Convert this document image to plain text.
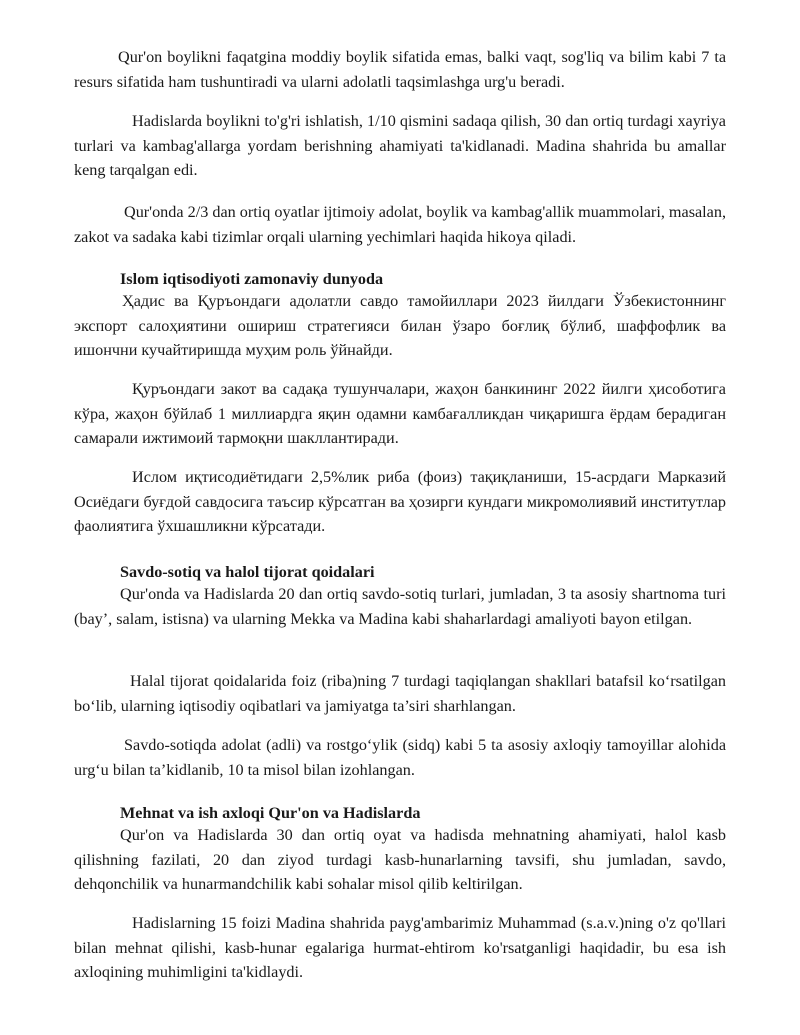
Qur'on boylikni faqatgina moddiy boylik sifatida emas, balki vaqt, sog'liq va bilim kabi 7 ta resurs sifatida ham tushuntiradi va ularni adolatli taqsimlashga urg'u beradi.

Hadislarda boylikni to'g'ri ishlatish, 1/10 qismini sadaqa qilish, 30 dan ortiq turdagi xayriya turlari va kambag'allarga yordam berishning ahamiyati ta'kidlanadi. Madina shahrida bu amallar keng tarqalgan edi.

Qur'onda 2/3 dan ortiq oyatlar ijtimoiy adolat, boylik va kambag'allik muammolari, masalan, zakot va sadaka kabi tizimlar orqali ularning yechimlari haqida hikoya qiladi.

Islom iqtisodiyoti zamonaviy dunyoda

Ҳадис ва Қуръондаги адолатли савдо тамойиллари 2023 йилдаги Ўзбекистоннинг экспорт салоҳиятини ошириш стратегияси билан ўзаро боғлиқ бўлиб, шаффофлик ва ишончни кучайтиришда муҳим роль ўйнайди.

Қуръондаги закот ва садақа тушунчалари, жаҳон банкининг 2022 йилги ҳисоботига кўра, жаҳон бўйлаб 1 миллиардга яқин одамни камбағалликдан чиқаришга ёрдам берадиган самарали ижтимоий тармоқни шакллантиради.

Ислом иқтисодиётидаги 2,5%лик риба (фоиз) тақиқланиши, 15-асрдаги Марказий Осиёдаги буғдой савдосига таъсир кўрсатган ва ҳозирги кундаги микромолиявий институтлар фаолиятига ўхшашликни кўрсатади.

Savdo-sotiq va halol tijorat qoidalari

Qur'onda va Hadislarda 20 dan ortiq savdo-sotiq turlari, jumladan, 3 ta asosiy shartnoma turi (bay’, salam, istisna) va ularning Mekka va Madina kabi shaharlardagi amaliyoti bayon etilgan.

Halal tijorat qoidalarida foiz (riba)ning 7 turdagi taqiqlangan shakllari batafsil ko‘rsatilgan bo‘lib, ularning iqtisodiy oqibatlari va jamiyatga ta’siri sharhlangan.

Savdo-sotiqda adolat (adli) va rostgo‘ylik (sidq) kabi 5 ta asosiy axloqiy tamoyillar alohida urg‘u bilan ta’kidlanib, 10 ta misol bilan izohlangan.

Mehnat va ish axloqi Qur'on va Hadislarda

Qur'on va Hadislarda 30 dan ortiq oyat va hadisda mehnatning ahamiyati, halol kasb qilishning fazilati, 20 dan ziyod turdagi kasb-hunarlarning tavsifi, shu jumladan, savdo, dehqonchilik va hunarmandchilik kabi sohalar misol qilib keltirilgan.

Hadislarning 15 foizi Madina shahrida payg'ambarimiz Muhammad (s.a.v.)ning o'z qo'llari bilan mehnat qilishi, kasb-hunar egalariga hurmat-ehtirom ko'rsatganligi haqidadir, bu esa ish axloqining muhimligini ta'kidlaydi.
